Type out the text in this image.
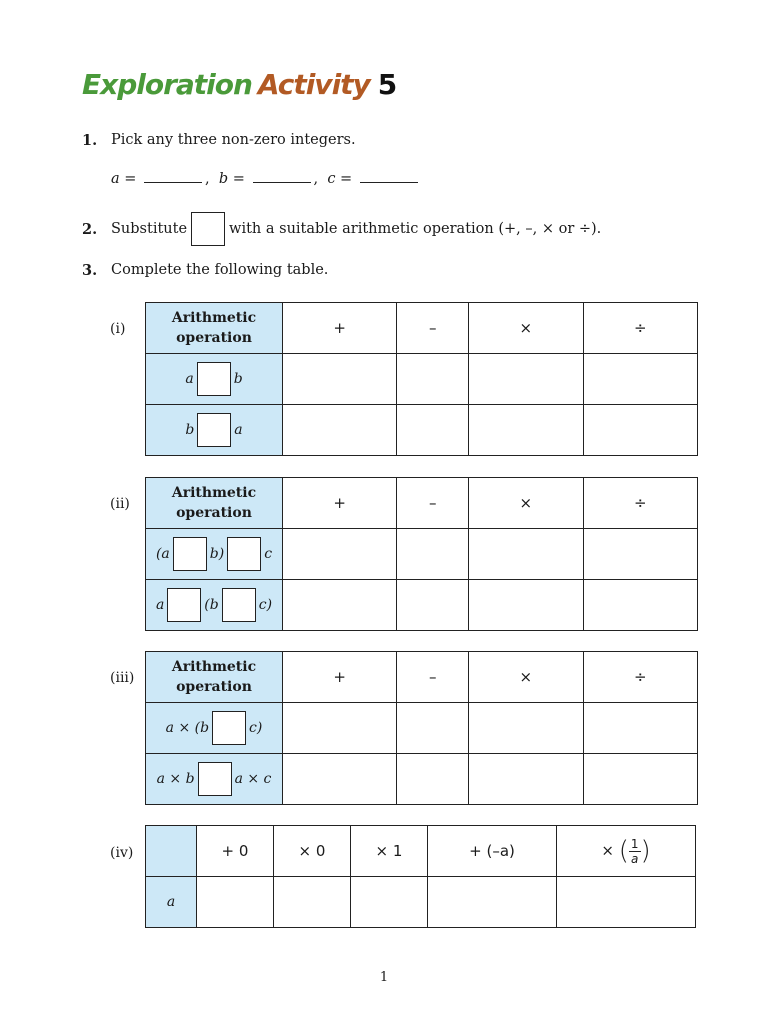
Exploration Activity 5
1. Pick any three non-zero integers.
a =	, b =	, c =
2. Substitute	with a suitable arithmetic operation (+, –, × or ÷).
3. Complete the following table.
(i)
Arithmetic operation	+	–	×	÷
a b				
b a				
(ii)
Arithmetic operation	+	–	×	÷
(a b) c				
a (b c)				
(iii)
Arithmetic operation	+	–	×	÷
a × (b c)				
a × b a × c				
(iv)
		+ 0	× 0	× 1	+ (–a)	× ( $\frac{1}{a}$ )
a					
1
